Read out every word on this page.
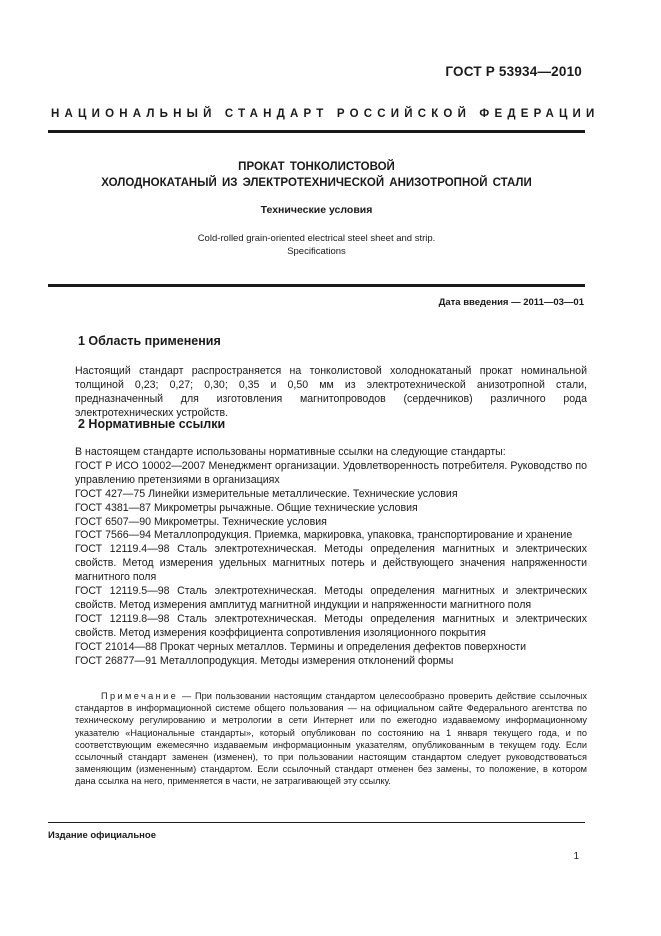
ГОСТ Р 53934—2010
НАЦИОНАЛЬНЫЙ СТАНДАРТ РОССИЙСКОЙ ФЕДЕРАЦИИ
ПРОКАТ ТОНКОЛИСТОВОЙ
ХОЛОДНОКАТАНЫЙ ИЗ ЭЛЕКТРОТЕХНИЧЕСКОЙ АНИЗОТРОПНОЙ СТАЛИ
Технические условия
Cold-rolled grain-oriented electrical steel sheet and strip.
Specifications
Дата введения — 2011—03—01
1 Область применения

Настоящий стандарт распространяется на тонколистовой холоднокатаный прокат номинальной толщиной 0,23; 0,27; 0,30; 0,35 и 0,50 мм из электротехнической анизотропной стали, предназначенный для изготовления магнитопроводов (сердечников) различного рода электротехнических устройств.

2 Нормативные ссылки

В настоящем стандарте использованы нормативные ссылки на следующие стандарты:

ГОСТ Р ИСО 10002—2007 Менеджмент организации. Удовлетворенность потребителя. Руководство по управлению претензиями в организациях

ГОСТ 427—75 Линейки измерительные металлические. Технические условия

ГОСТ 4381—87 Микрометры рычажные. Общие технические условия

ГОСТ 6507—90 Микрометры. Технические условия

ГОСТ 7566—94 Металлопродукция. Приемка, маркировка, упаковка, транспортирование и хранение

ГОСТ 12119.4—98 Сталь электротехническая. Методы определения магнитных и электрических свойств. Метод измерения удельных магнитных потерь и действующего значения напряженности магнитного поля

ГОСТ 12119.5—98 Сталь электротехническая. Методы определения магнитных и электрических свойств. Метод измерения амплитуд магнитной индукции и напряженности магнитного поля

ГОСТ 12119.8—98 Сталь электротехническая. Методы определения магнитных и электрических свойств. Метод измерения коэффициента сопротивления изоляционного покрытия

ГОСТ 21014—88 Прокат черных металлов. Термины и определения дефектов поверхности

ГОСТ 26877—91 Металлопродукция. Методы измерения отклонений формы

Примечание — При пользовании настоящим стандартом целесообразно проверить действие ссылочных стандартов в информационной системе общего пользования — на официальном сайте Федерального агентства по техническому регулированию и метрологии в сети Интернет или по ежегодно издаваемому информационному указателю «Национальные стандарты», который опубликован по состоянию на 1 января текущего года, и по соответствующим ежемесячно издаваемым информационным указателям, опубликованным в текущем году. Если ссылочный стандарт заменен (изменен), то при пользовании настоящим стандартом следует руководствоваться заменяющим (измененным) стандартом. Если ссылочный стандарт отменен без замены, то положение, в котором дана ссылка на него, применяется в части, не затрагивающей эту ссылку.

Издание официальное
1
